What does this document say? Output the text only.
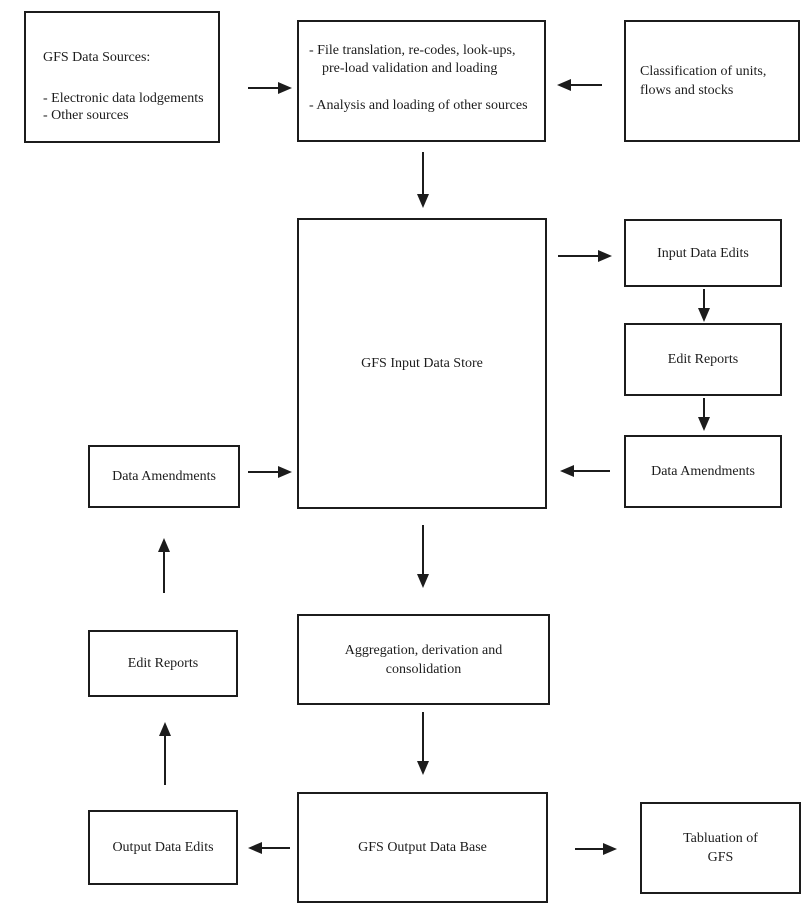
GFS Data Sources:
- Electronic data lodgements
- Other sources
- File translation, re-codes, look-ups,
pre-load validation and loading
- Analysis and loading of other sources
Classification of units,
flows and stocks
GFS Input Data Store
Input Data Edits
Edit Reports
Data Amendments
Data Amendments
Edit Reports
Output Data Edits
Aggregation, derivation and
consolidation
GFS Output Data Base
Tabluation of
GFS
